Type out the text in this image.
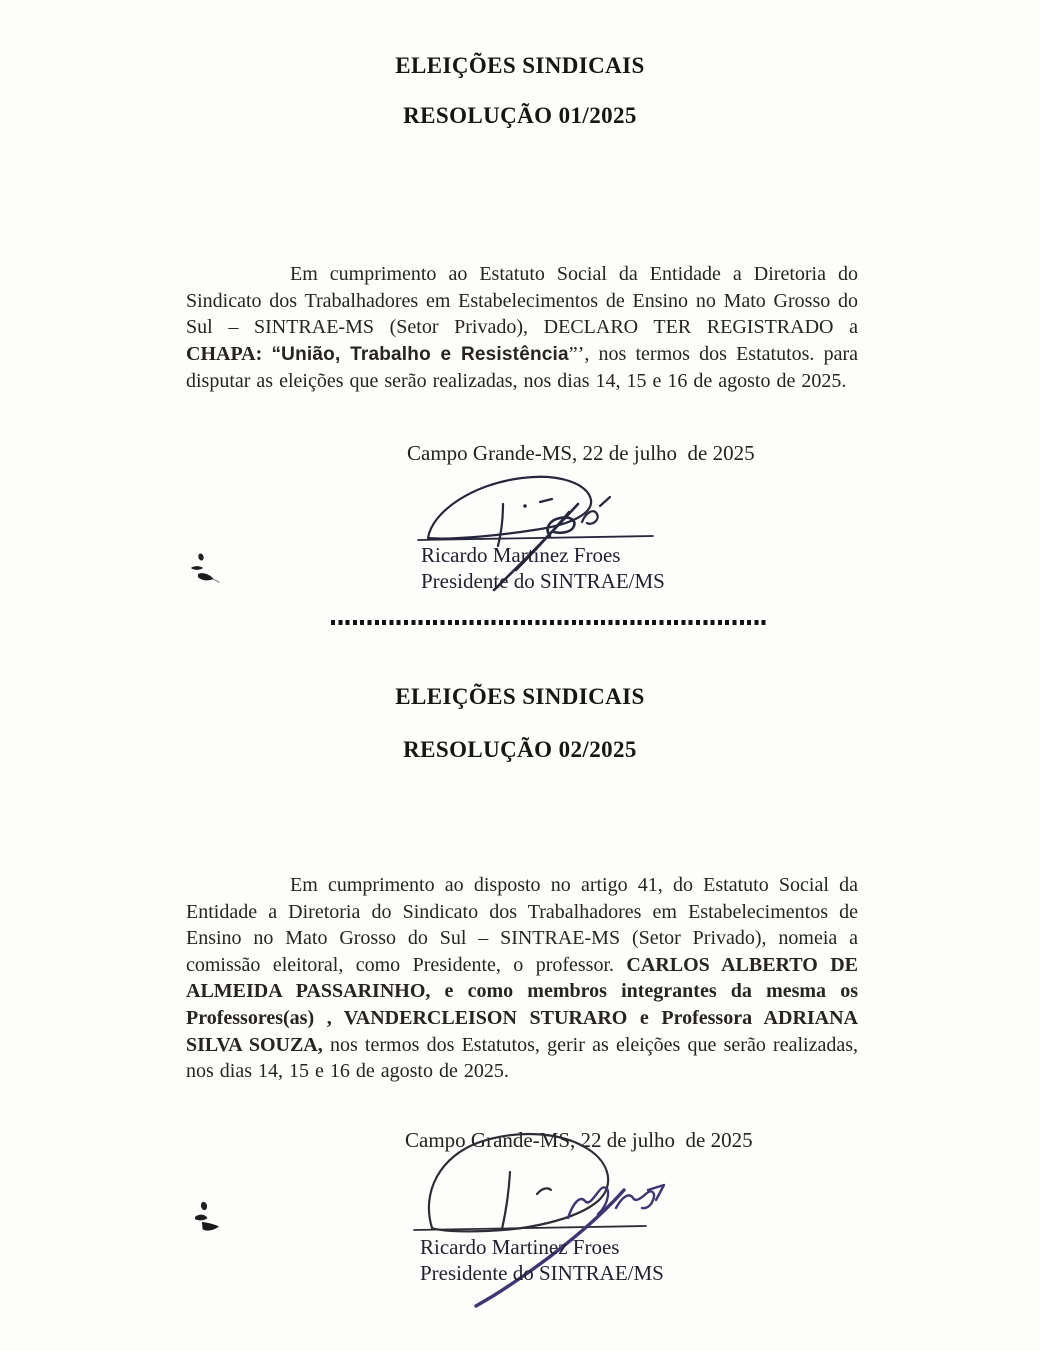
ELEIÇÕES SINDICAIS
RESOLUÇÃO 01/2025

Em cumprimento ao Estatuto Social da Entidade a Diretoria do Sindicato dos Trabalhadores em Estabelecimentos de Ensino no Mato Grosso do Sul – SINTRAE-MS (Setor Privado), DECLARO TER REGISTRADO a CHAPA: “União, Trabalho e Resistência”’, nos termos dos Estatutos. para disputar as eleições que serão realizadas, nos dias 14, 15 e 16 de agosto de 2025.

Campo Grande-MS, 22 de julho  de 2025
Ricardo Martinez Froes
Presidente do SINTRAE/MS
ELEIÇÕES SINDICAIS
RESOLUÇÃO 02/2025

Em cumprimento ao disposto no artigo 41, do Estatuto Social da Entidade a Diretoria do Sindicato dos Trabalhadores em Estabelecimentos de Ensino no Mato Grosso do Sul – SINTRAE-MS (Setor Privado), nomeia a comissão eleitoral, como Presidente, o professor. CARLOS ALBERTO DE ALMEIDA PASSARINHO, e como membros integrantes da mesma os Professores(as) , VANDERCLEISON STURARO e Professora ADRIANA SILVA SOUZA, nos termos dos Estatutos, gerir as eleições que serão realizadas, nos dias 14, 15 e 16 de agosto de 2025.

Campo Grande-MS, 22 de julho  de 2025
Ricardo Martinez Froes
Presidente do SINTRAE/MS
